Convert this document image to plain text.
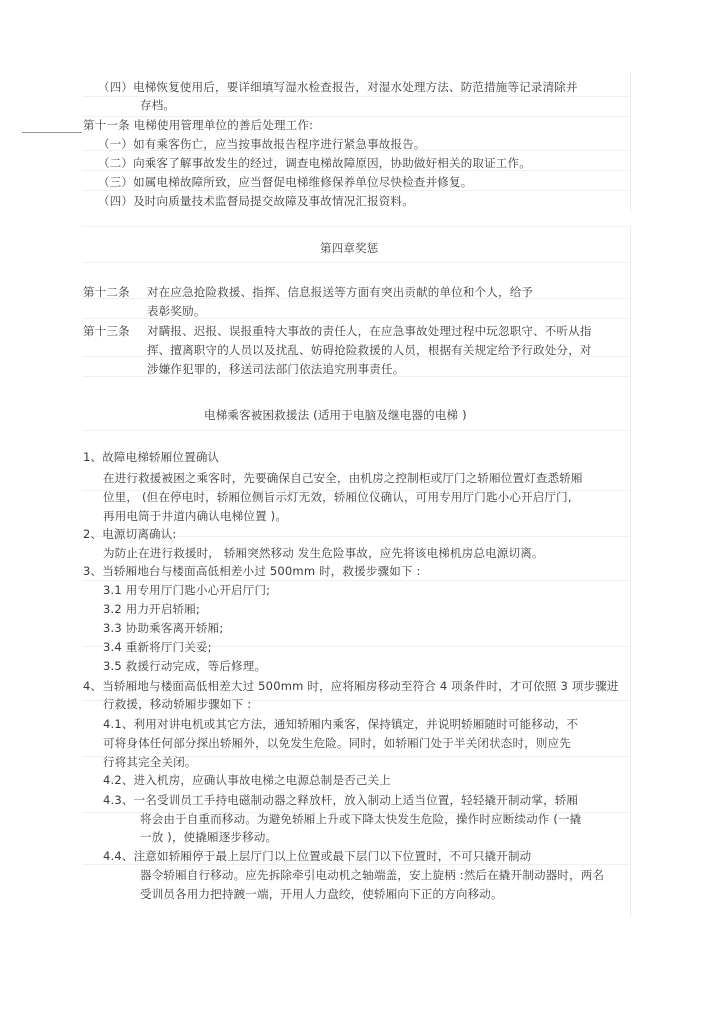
（四）电梯恢复使用后，要详细填写湿水检查报告，对湿水处理方法、防范措施等记录清除并
存档。
第十一条 电梯使用管理单位的善后处理工作:
（一）如有乘客伤亡，应当按事故报告程序进行紧急事故报告。
（二）向乘客了解事故发生的经过，调查电梯故障原因，协助做好相关的取证工作。
（三）如属电梯故障所致，应当督促电梯维修保养单位尽快检查并修复。
（四）及时向质量技术监督局提交故障及事故情况汇报资料。
第四章奖惩
第十二条 对在应急抢险救援、指挥、信息报送等方面有突出贡献的单位和个人，给予
表彰奖励。
第十三条 对瞒报、迟报、误报重特大事故的责任人，在应急事故处理过程中玩忽职守、不听从指
挥、擅离职守的人员以及扰乱、妨碍抢险救援的人员，根据有关规定给予行政处分，对
涉嫌作犯罪的，移送司法部门依法追究刑事责任。
电梯乘客被困救援法 (适用于电脑及继电器的电梯 )
1、故障电梯轿厢位置确认
在进行救援被困之乘客时，先要确保自己安全，由机房之控制柜或厅门之轿厢位置灯查悉轿厢
位里， (但在停电时，轿厢位侧旨示灯无效，轿厢位仪确认，可用专用厅门匙小心开启厅门,
再用电筒于井道内确认电梯位置 )。
2、电源切离确认:
为防止在进行救援时， 轿厢突然移动 发生危险事故，应先将该电梯机房总电源切离。
3、当轿厢地台与楼面高低相差小过 500mm 时，救援步骤如下 :
3.1 用专用厅门匙小心开启厅门;
3.2 用力开启轿厢;
3.3 协助乘客离开轿厢;
3.4 重新将厅门关妥;
3.5 救援行动完成，等后修理。
4、当轿厢地与楼面高低相差大过 500mm 时，应将厢房移动至符合 4 项条件时，才可依照 3 项步骤进
行救援，移动轿厢步骤如下 :
4.1、利用对讲电机或其它方法，通知轿厢内乘客，保持镇定，并说明轿厢随时可能移动，不
可将身体任何部分探出轿厢外，以免发生危险。同时，如轿厢门处于半关闭状态时，则应先
行将其完全关闭。
4.2、进入机房，应确认事故电梯之电源总制是否己关上
4.3、一名受训员工手持电磁制动器之释放杆，放入制动上适当位置，轻轻撬开制动掌，轿厢
将会由于自重而移动。为避免轿厢上升或下降太快发生危险，操作时应断续动作 (一撬
一放 )，使撬厢逐步移动。
4.4、注意如轿厢停于最上层厅门以上位置或最下层门以下位置时，不可只撬开制动
器令轿厢自行移动。应先拆除牵引电动机之轴端盖，安上旋柄 :然后在撬开制动器时，两名
受训员各用力把持踱一端，开用人力盘绞，使轿厢向下正的方向移动。
